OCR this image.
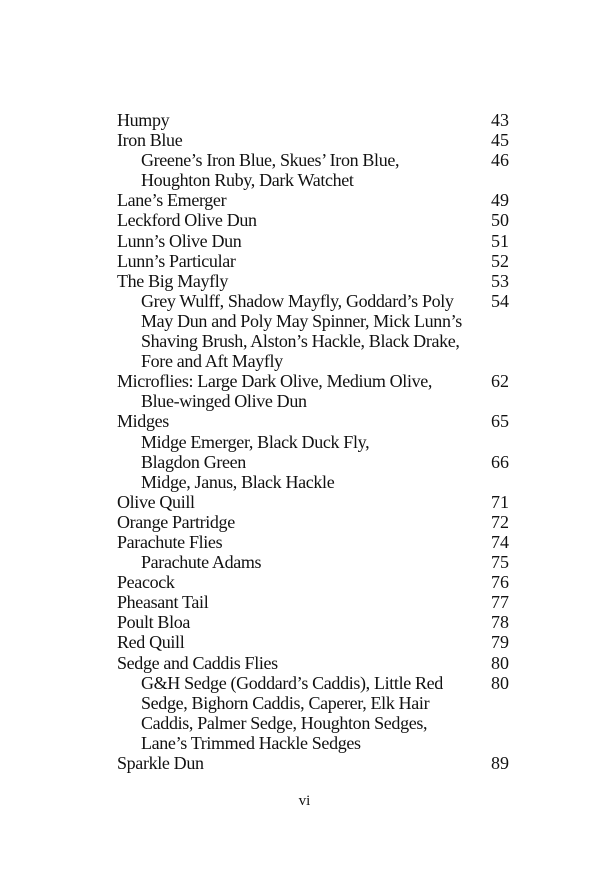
Humpy	43
Iron Blue	45
Greene’s Iron Blue, Skues’ Iron Blue,	46
Houghton Ruby, Dark Watchet
Lane’s Emerger	49
Leckford Olive Dun	50
Lunn’s Olive Dun	51
Lunn’s Particular	52
The Big Mayfly	53
Grey Wulff, Shadow Mayfly, Goddard’s Poly 54
May Dun and Poly May Spinner, Mick Lunn’s
Shaving Brush, Alston’s Hackle, Black Drake,
Fore and Aft Mayfly
Microflies: Large Dark Olive, Medium Olive,	62
Blue-winged Olive Dun
Midges	65
Midge Emerger, Black Duck Fly,
Blagdon Green	66
Midge, Janus, Black Hackle
Olive Quill	71
Orange Partridge	72
Parachute Flies	74
Parachute Adams	75
Peacock	76
Pheasant Tail	77
Poult Bloa	78
Red Quill	79
Sedge and Caddis Flies	80
G&H Sedge (Goddard’s Caddis), Little Red	80
Sedge, Bighorn Caddis, Caperer, Elk Hair
Caddis, Palmer Sedge, Houghton Sedges,
Lane’s Trimmed Hackle Sedges
Sparkle Dun	89
vi
